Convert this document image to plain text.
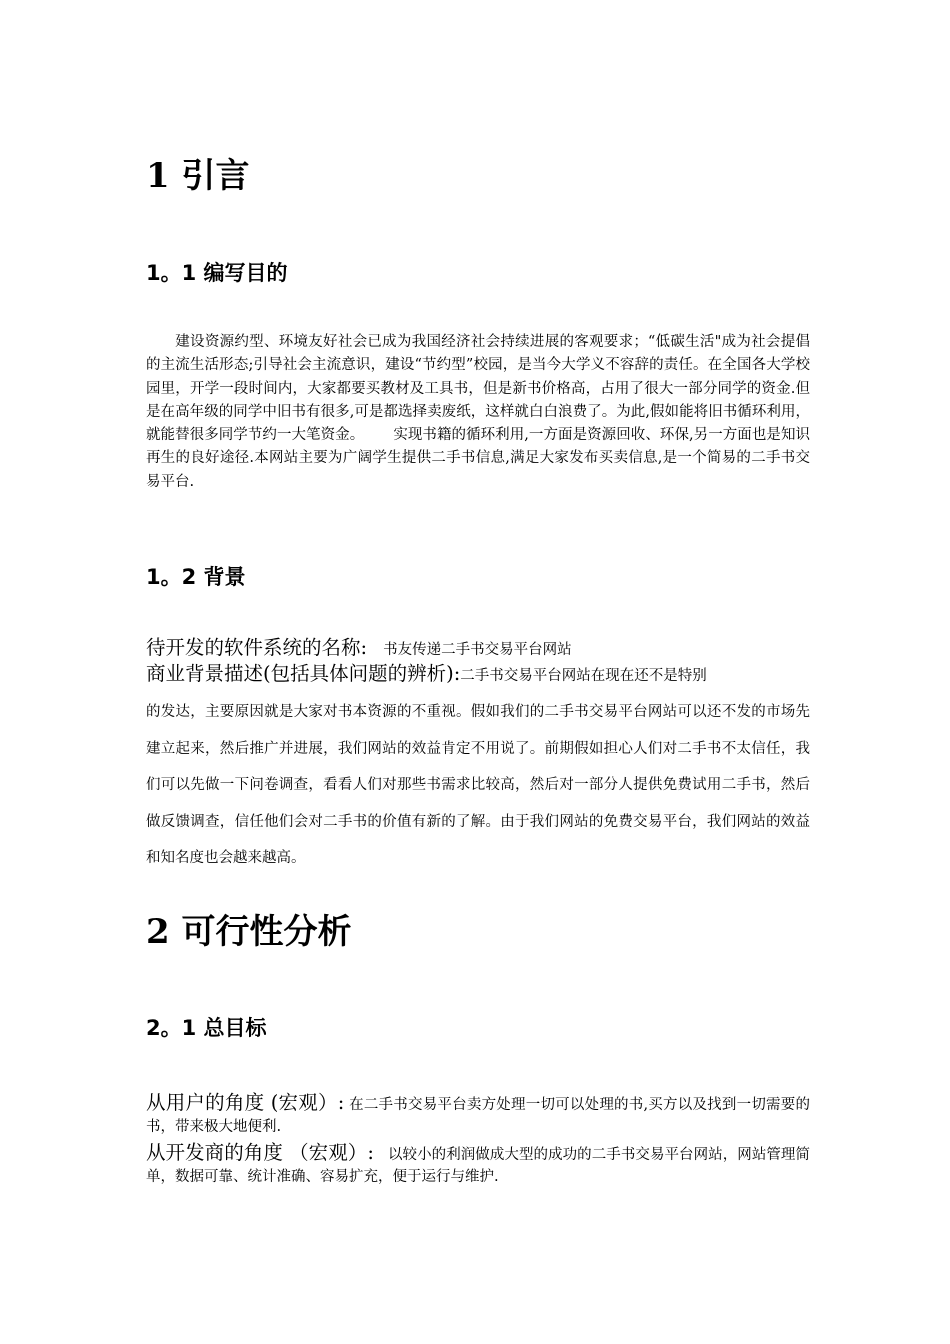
1 引言
1。1 编写目的

建设资源约型、环境友好社会已成为我国经济社会持续进展的客观要求；“低碳生活"成为社会提倡的主流生活形态;引导社会主流意识，建设“节约型”校园，是当今大学义不容辞的责任。在全国各大学校园里，开学一段时间内，大家都要买教材及工具书，但是新书价格高，占用了很大一部分同学的资金.但是在高年级的同学中旧书有很多,可是都选择卖废纸，这样就白白浪费了。为此,假如能将旧书循环利用，就能替很多同学节约一大笔资金。 实现书籍的循环利用,一方面是资源回收、环保,另一方面也是知识再生的良好途径.本网站主要为广阔学生提供二手书信息,满足大家发布买卖信息,是一个简易的二手书交易平台.

1。2 背景

待开发的软件系统的名称: 书友传递二手书交易平台网站

商业背景描述(包括具体问题的辨析):二手书交易平台网站在现在还不是特别

的发达，主要原因就是大家对书本资源的不重视。假如我们的二手书交易平台网站可以还不发的市场先建立起来，然后推广并进展，我们网站的效益肯定不用说了。前期假如担心人们对二手书不太信任，我们可以先做一下问卷调查，看看人们对那些书需求比较高，然后对一部分人提供免费试用二手书，然后做反馈调查，信任他们会对二手书的价值有新的了解。由于我们网站的免费交易平台，我们网站的效益和知名度也会越来越高。

2 可行性分析
2。1 总目标

从用户的角度 (宏观）: 在二手书交易平台卖方处理一切可以处理的书,买方以及找到一切需要的书，带来极大地便利.

从开发商的角度 （宏观）: 以较小的利润做成大型的成功的二手书交易平台网站，网站管理简单，数据可靠、统计准确、容易扩充，便于运行与维护.
